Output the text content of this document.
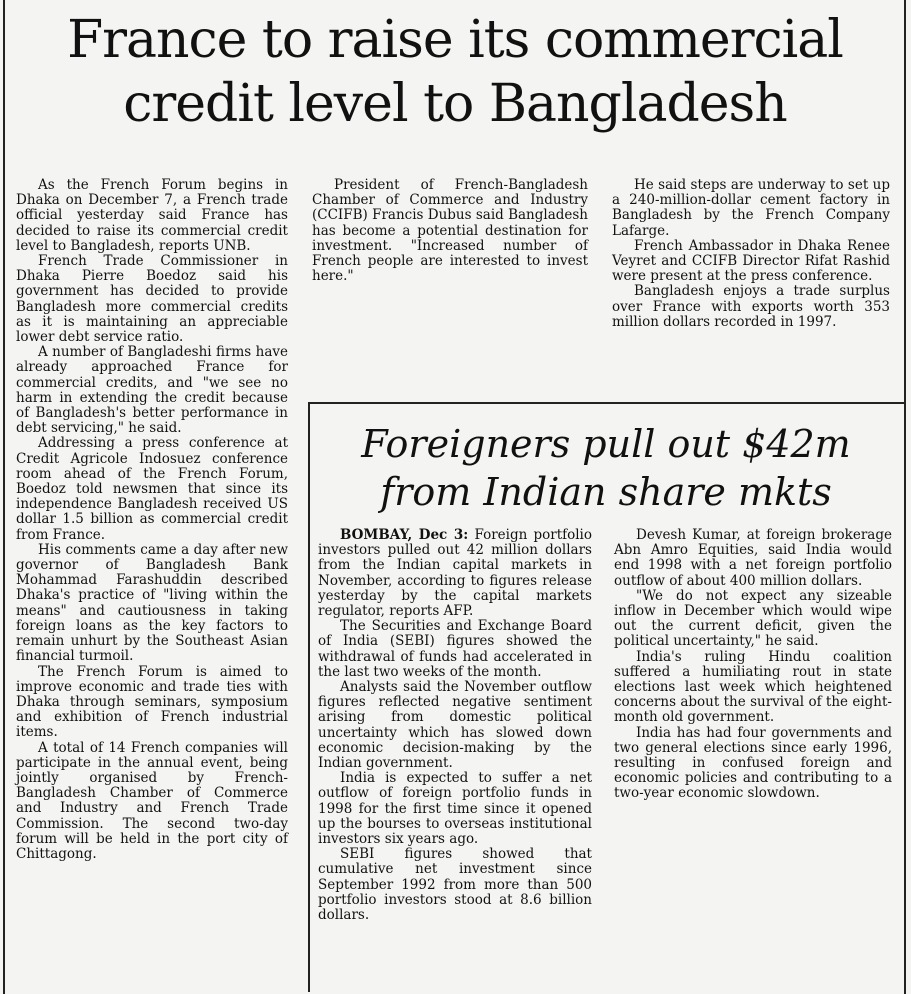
France to raise its commercial
credit level to Bangladesh

As the French Forum begins in Dhaka on December 7, a French trade official yesterday said France has decided to raise its commercial credit level to Bangladesh, reports UNB.

French Trade Commissioner in Dhaka Pierre Boedoz said his government has decided to provide Bangladesh more commercial credits as it is maintaining an appreciable lower debt service ratio.

A number of Bangladeshi firms have already approached France for commercial credits, and "we see no harm in extending the credit because of Bangladesh's better performance in debt servicing," he said.

Addressing a press conference at Credit Agricole Indosuez conference room ahead of the French Forum, Boedoz told newsmen that since its independence Bangladesh received US dollar 1.5 billion as commercial credit from France.

His comments came a day after new governor of Bangladesh Bank Mohammad Farashuddin described Dhaka's practice of "living within the means" and cautiousness in taking foreign loans as the key factors to remain unhurt by the Southeast Asian financial turmoil.

The French Forum is aimed to improve economic and trade ties with Dhaka through seminars, symposium and exhibition of French industrial items.

A total of 14 French companies will participate in the annual event, being jointly organised by French-Bangladesh Chamber of Commerce and Industry and French Trade Commission. The second two-day forum will be held in the port city of Chittagong.

President of French-Bangladesh Chamber of Commerce and Industry (CCIFB) Francis Dubus said Bangladesh has become a potential destination for investment. "Increased number of French people are interested to invest here."

He said steps are underway to set up a 240-million-dollar cement factory in Bangladesh by the French Company Lafarge.

French Ambassador in Dhaka Renee Veyret and CCIFB Director Rifat Rashid were present at the press conference.

Bangladesh enjoys a trade surplus over France with exports worth 353 million dollars recorded in 1997.

Foreigners pull out $42m
from Indian share mkts

BOMBAY, Dec 3: Foreign portfolio investors pulled out 42 million dollars from the Indian capital markets in November, according to figures release yesterday by the capital markets regulator, reports AFP.

The Securities and Exchange Board of India (SEBI) figures showed the withdrawal of funds had accelerated in the last two weeks of the month.

Analysts said the November outflow figures reflected negative sentiment arising from domestic political uncertainty which has slowed down economic decision-making by the Indian government.

India is expected to suffer a net outflow of foreign portfolio funds in 1998 for the first time since it opened up the bourses to overseas institutional investors six years ago.

SEBI figures showed that cumulative net investment since September 1992 from more than 500 portfolio investors stood at 8.6 billion dollars.

Devesh Kumar, at foreign brokerage Abn Amro Equities, said India would end 1998 with a net foreign portfolio outflow of about 400 million dollars.

"We do not expect any sizeable inflow in December which would wipe out the current deficit, given the political uncertainty," he said.

India's ruling Hindu coalition suffered a humiliating rout in state elections last week which heightened concerns about the survival of the eight-month old government.

India has had four governments and two general elections since early 1996, resulting in confused foreign and economic policies and contributing to a two-year economic slowdown.
